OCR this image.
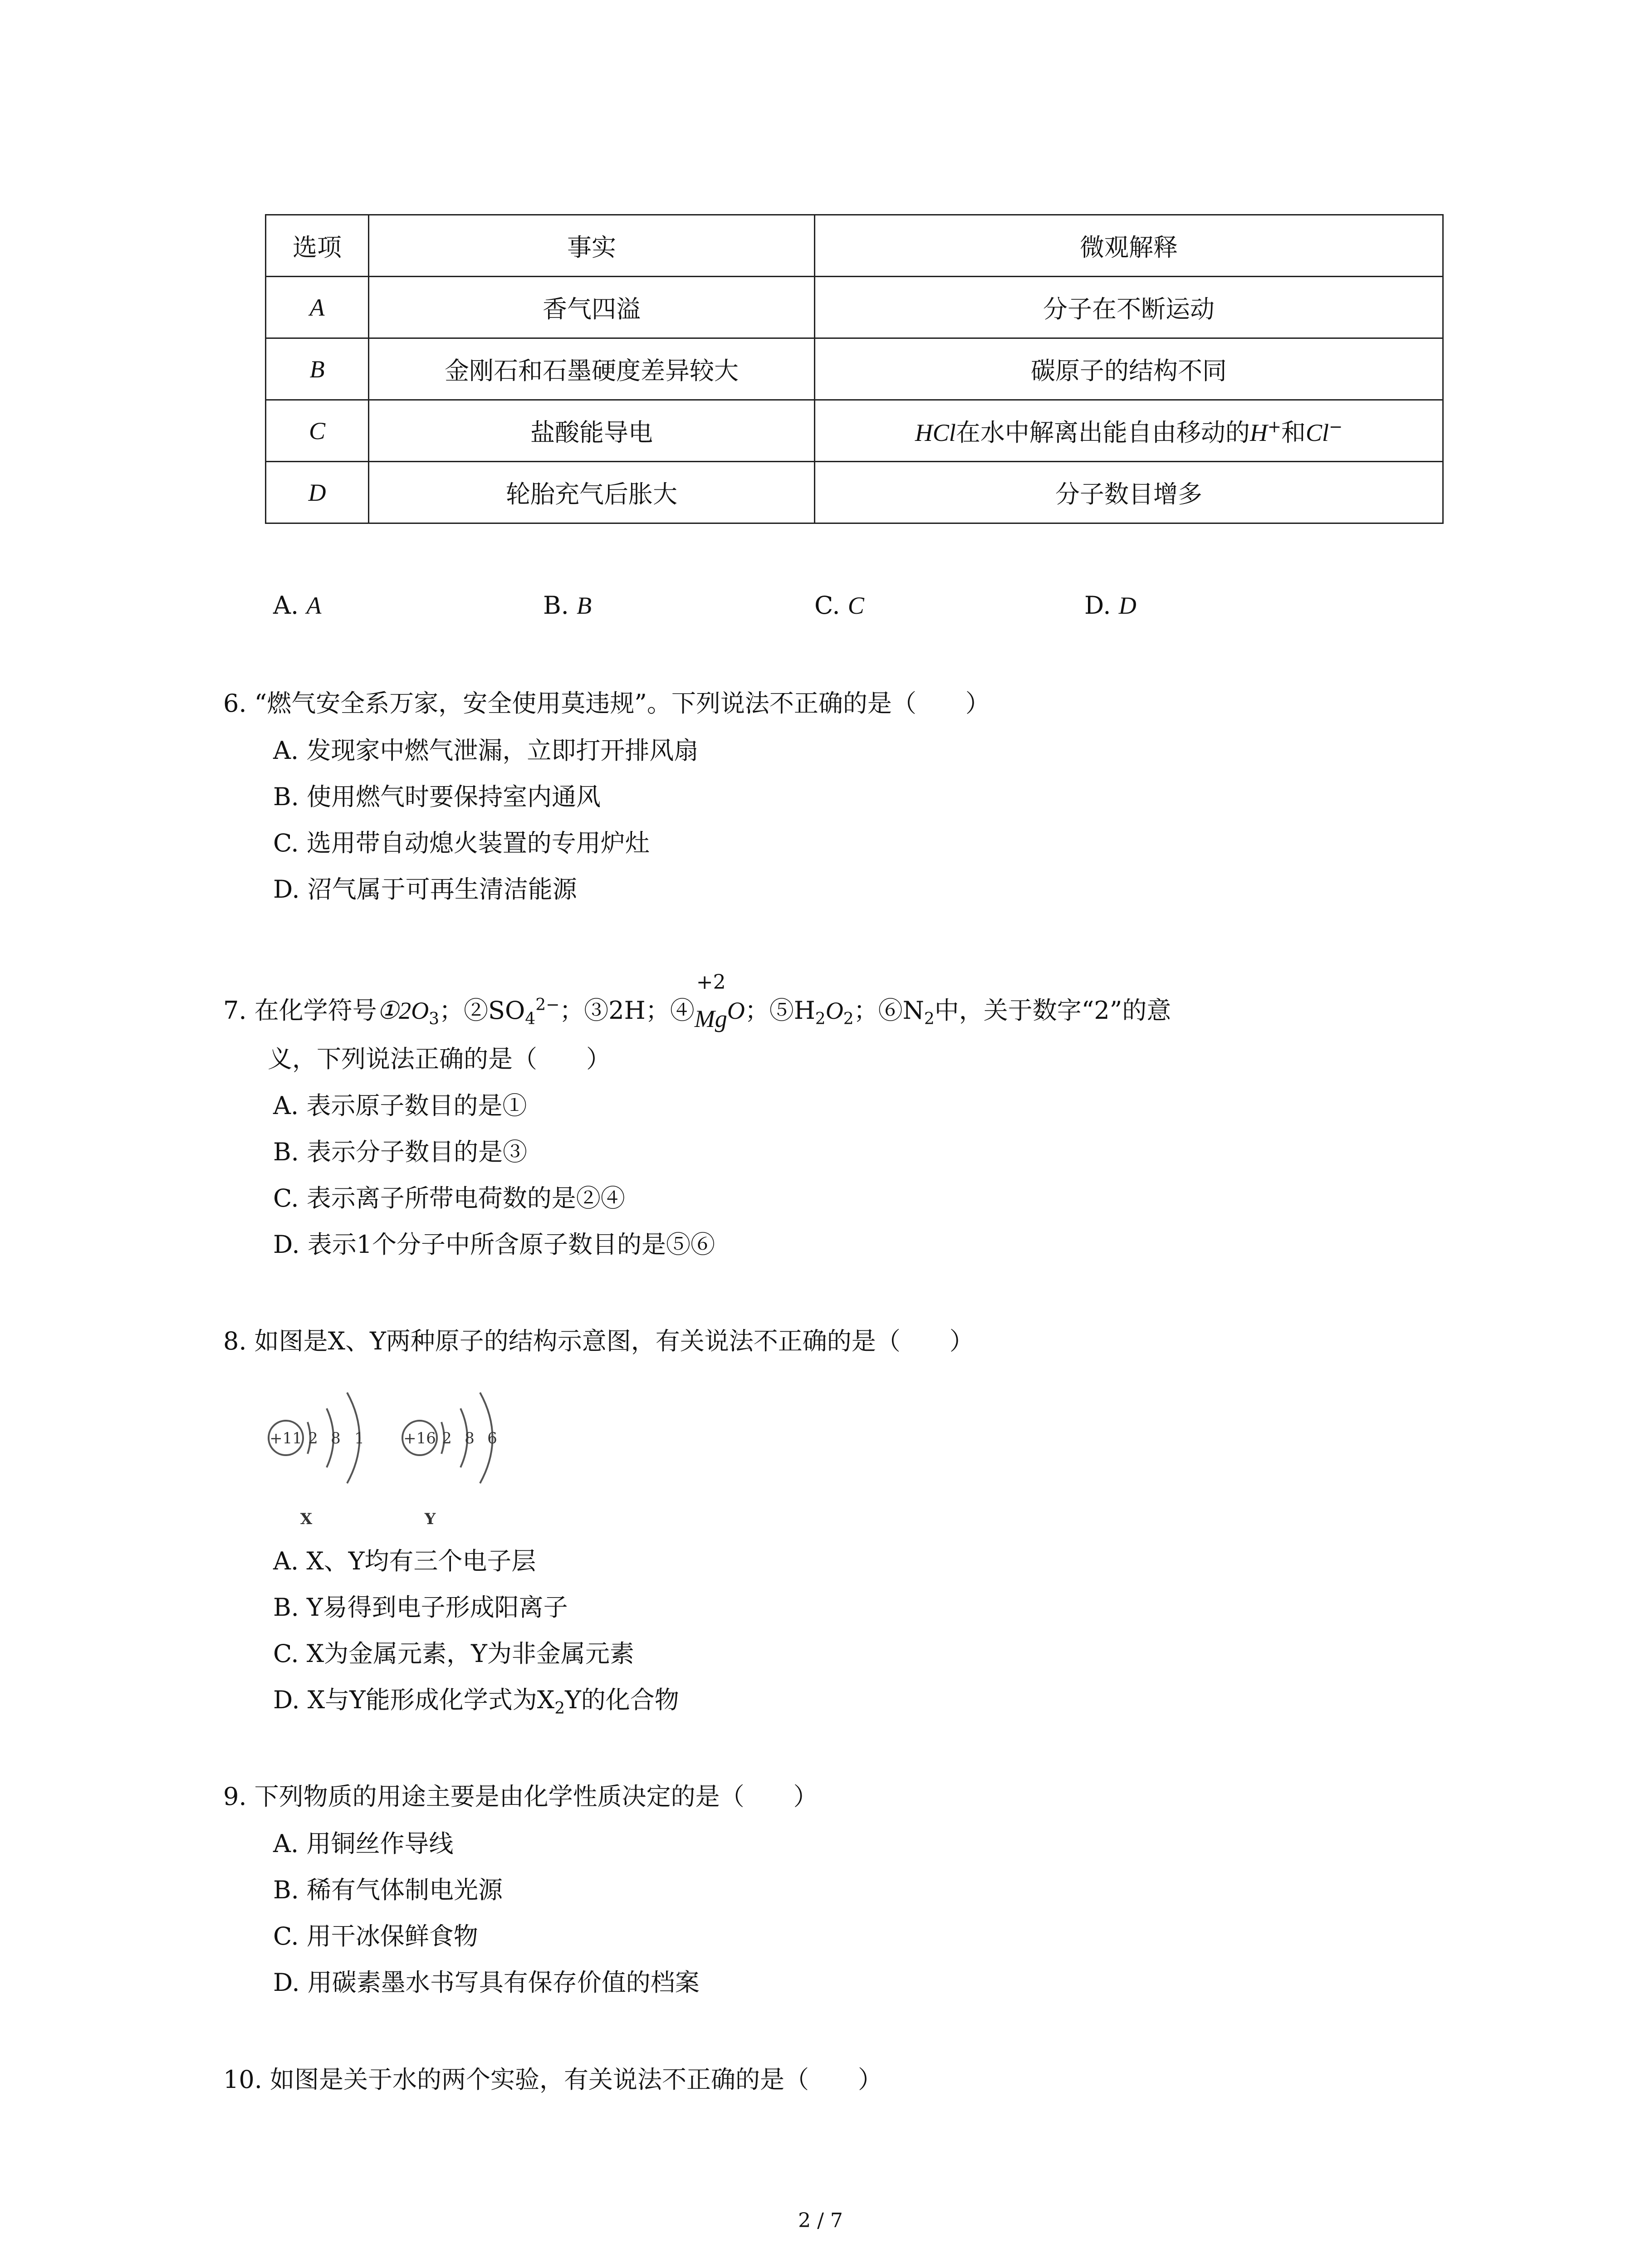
选项	事实	微观解释
A	香气四溢	分子在不断运动
B	金刚石和石墨硬度差异较大	碳原子的结构不同
C	盐酸能导电	HCl在水中解离出能自由移动的H+和Cl−
D	轮胎充气后胀大	分子数目增多
A. A	B. B	C. C	D. D
6. “燃气安全系万家，安全使用莫违规”。下列说法不正确的是（　　）
A. 发现家中燃气泄漏，立即打开排风扇
B. 使用燃气时要保持室内通风
C. 选用带自动熄火装置的专用炉灶
D. 沼气属于可再生清洁能源
7. 在化学符号$①2O_3$；$②SO_4^{2-}$；③2H；④
+2
MgO；$⑤H_2O_2$；$⑥N_2$中，关于数字“2”的意
义，下列说法正确的是（　　）
A. 表示原子数目的是①
B. 表示分子数目的是③
C. 表示离子所带电荷数的是②④
D. 表示1个分子中所含原子数目的是⑤⑥
8. 如图是X、Y两种原子的结构示意图，有关说法不正确的是（　　）
+11 2 8 1	+16 2 8 6
X	Y
A. X、Y均有三个电子层
B. Y易得到电子形成阳离子
C. X为金属元素，Y为非金属元素
D. X与Y能形成化学式为$X_2Y$的化合物
9. 下列物质的用途主要是由化学性质决定的是（　　）
A. 用铜丝作导线
B. 稀有气体制电光源
C. 用干冰保鲜食物
D. 用碳素墨水书写具有保存价值的档案
10. 如图是关于水的两个实验，有关说法不正确的是（　　）
2 / 7
